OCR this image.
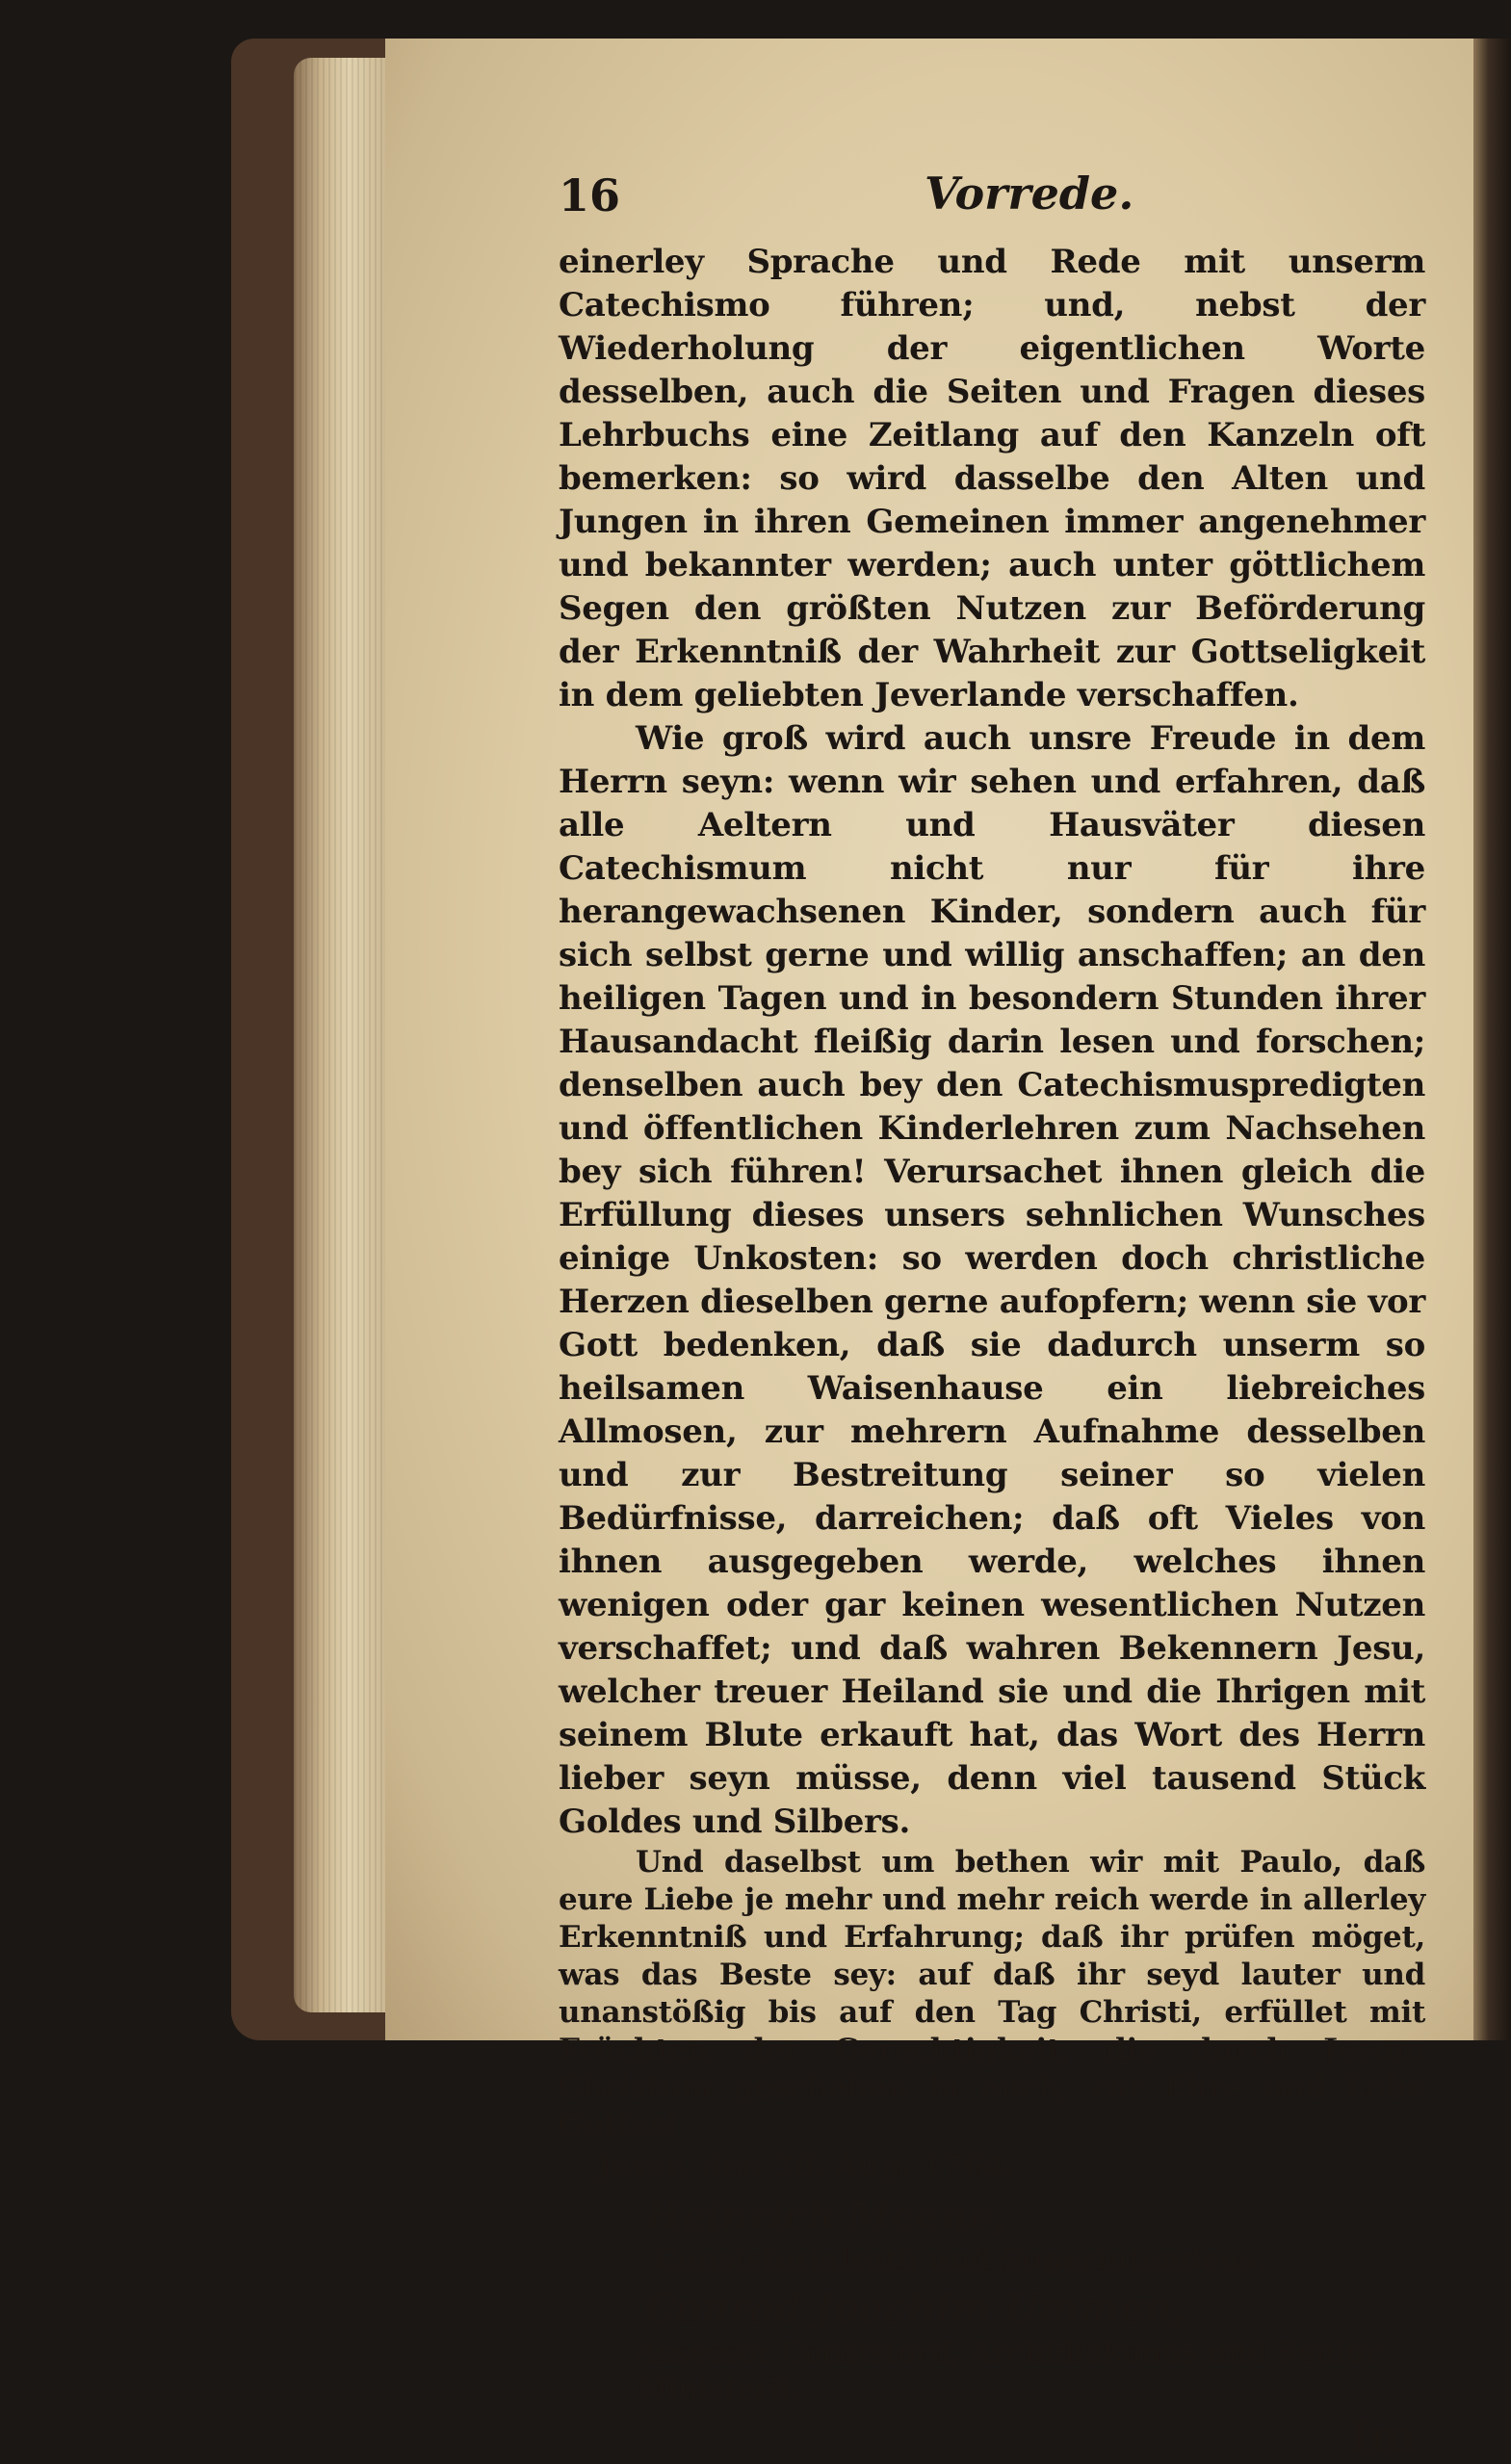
16	Vorrede.

einerley Sprache und Rede mit unserm Catechismo führen; und, nebst der Wiederholung der eigentlichen Worte desselben, auch die Seiten und Fragen dieses Lehrbuchs eine Zeitlang auf den Kanzeln oft bemerken: so wird dasselbe den Alten und Jungen in ihren Gemeinen immer angenehmer und bekannter werden; auch unter göttlichem Segen den größten Nutzen zur Beförderung der Erkenntniß der Wahrheit zur Gottseligkeit in dem geliebten Jeverlande verschaffen.

Wie groß wird auch unsre Freude in dem Herrn seyn: wenn wir sehen und erfahren, daß alle Aeltern und Hausväter diesen Catechismum nicht nur für ihre herangewachsenen Kinder, sondern auch für sich selbst gerne und willig anschaffen; an den heiligen Tagen und in besondern Stunden ihrer Hausandacht fleißig darin lesen und forschen; denselben auch bey den Catechismuspredigten und öffentlichen Kinderlehren zum Nachsehen bey sich führen! Verursachet ihnen gleich die Erfüllung dieses unsers sehnlichen Wunsches einige Unkosten: so werden doch christliche Herzen dieselben gerne aufopfern; wenn sie vor Gott bedenken, daß sie dadurch unserm so heilsamen Waisenhause ein liebreiches Allmosen, zur mehrern Aufnahme desselben und zur Bestreitung seiner so vielen Bedürfnisse, darreichen; daß oft Vieles von ihnen ausgegeben werde, welches ihnen wenigen oder gar keinen wesentlichen Nutzen verschaffet; und daß wahren Bekennern Jesu, welcher treuer Heiland sie und die Ihrigen mit seinem Blute erkauft hat, das Wort des Herrn lieber seyn müsse, denn viel tausend Stück Goldes und Silbers.

Und daselbst um bethen wir mit Paulo, daß eure Liebe je mehr und mehr reich werde in allerley Erkenntniß und Erfahrung; daß ihr prüfen möget, was das Beste sey: auf daß ihr seyd lauter und unanstößig bis auf den Tag Christi, erfüllet mit Früchten der Gerechtigkeit, die durch Jesum Christum geschehen in euch, zur Ehre und Lobe Gottes!

Jever, den 30. Aug. 1764.

Heinrich Meene,

Consistorialrath und Superintendens.

Conrad Joachim Ummen,

Assessor Consistorii, Archidiakonus und Senior Ministerii.

Im
